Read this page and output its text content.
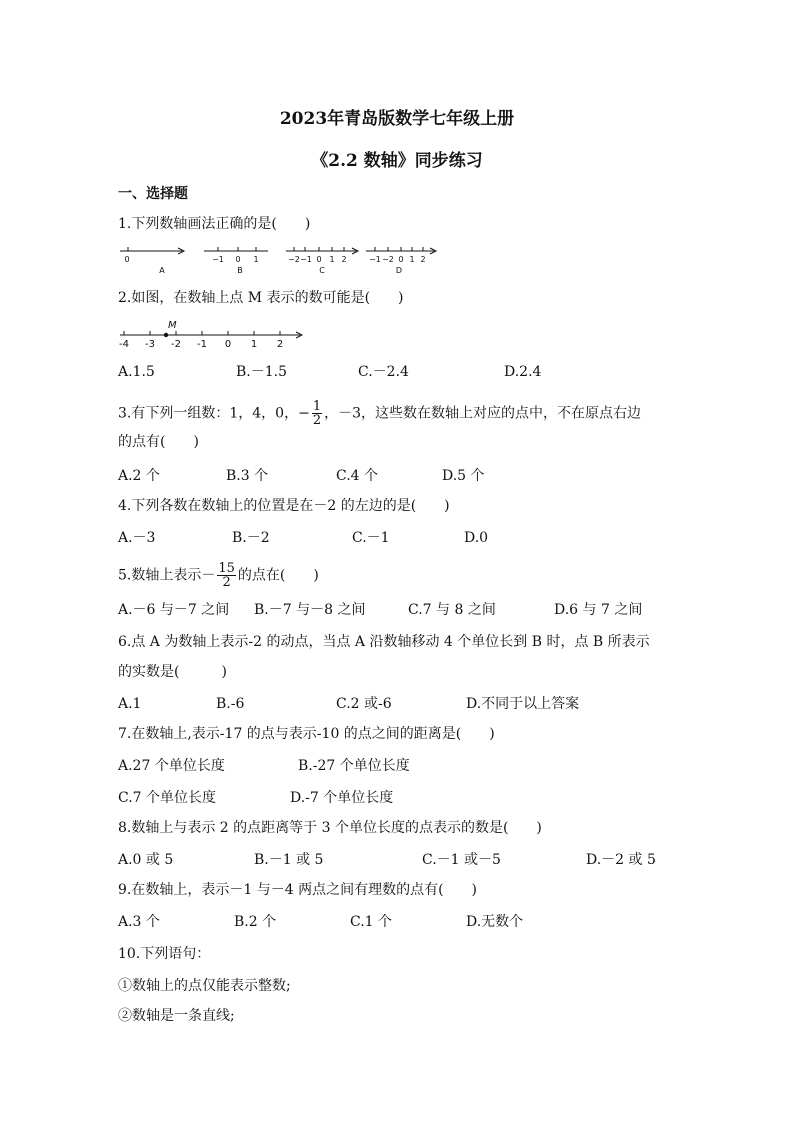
2023年青岛版数学七年级上册
《2.2 数轴》同步练习
一、选择题
1.下列数轴画法正确的是(　　)
0
A
−1 0 1
B
−2 −1 0 1 2
C
−1 −2 0 1 2
D
2.如图，在数轴上点 M 表示的数可能是(　　)
M
-4 -3 -2 -1 0 1 2
A.1.5	B.－1.5	C.－2.4	D.2.4
3.有下列一组数：1，4，0，− $\frac{1}{2}$ ，－3，这些数在数轴上对应的点中，不在原点右边
的点有(　　)
A.2 个	B.3 个	C.4 个	D.5 个
4.下列各数在数轴上的位置是在－2 的左边的是(　　)
A.－3	B.－2	C.－1	D.0
5.数轴上表示－ $\frac{15}{2}$ 的点在(　　)
A.－6 与－7 之间 B.－7 与－8 之间	C.7 与 8 之间	D.6 与 7 之间
6.点 A 为数轴上表示-2 的动点，当点 A 沿数轴移动 4 个单位长到 B 时，点 B 所表示
的实数是(　　　)
A.1	B.-6	C.2 或-6	D.不同于以上答案
7.在数轴上,表示-17 的点与表示-10 的点之间的距离是(　　)
A.27 个单位长度	B.-27 个单位长度
C.7 个单位长度	D.-7 个单位长度
8.数轴上与表示 2 的点距离等于 3 个单位长度的点表示的数是(　　)
A.0 或 5	B.－1 或 5	C.－1 或－5	D.－2 或 5
9.在数轴上，表示－1 与－4 两点之间有理数的点有(　　)
A.3 个	B.2 个	C.1 个	D.无数个
10.下列语句：
①数轴上的点仅能表示整数;
②数轴是一条直线;
